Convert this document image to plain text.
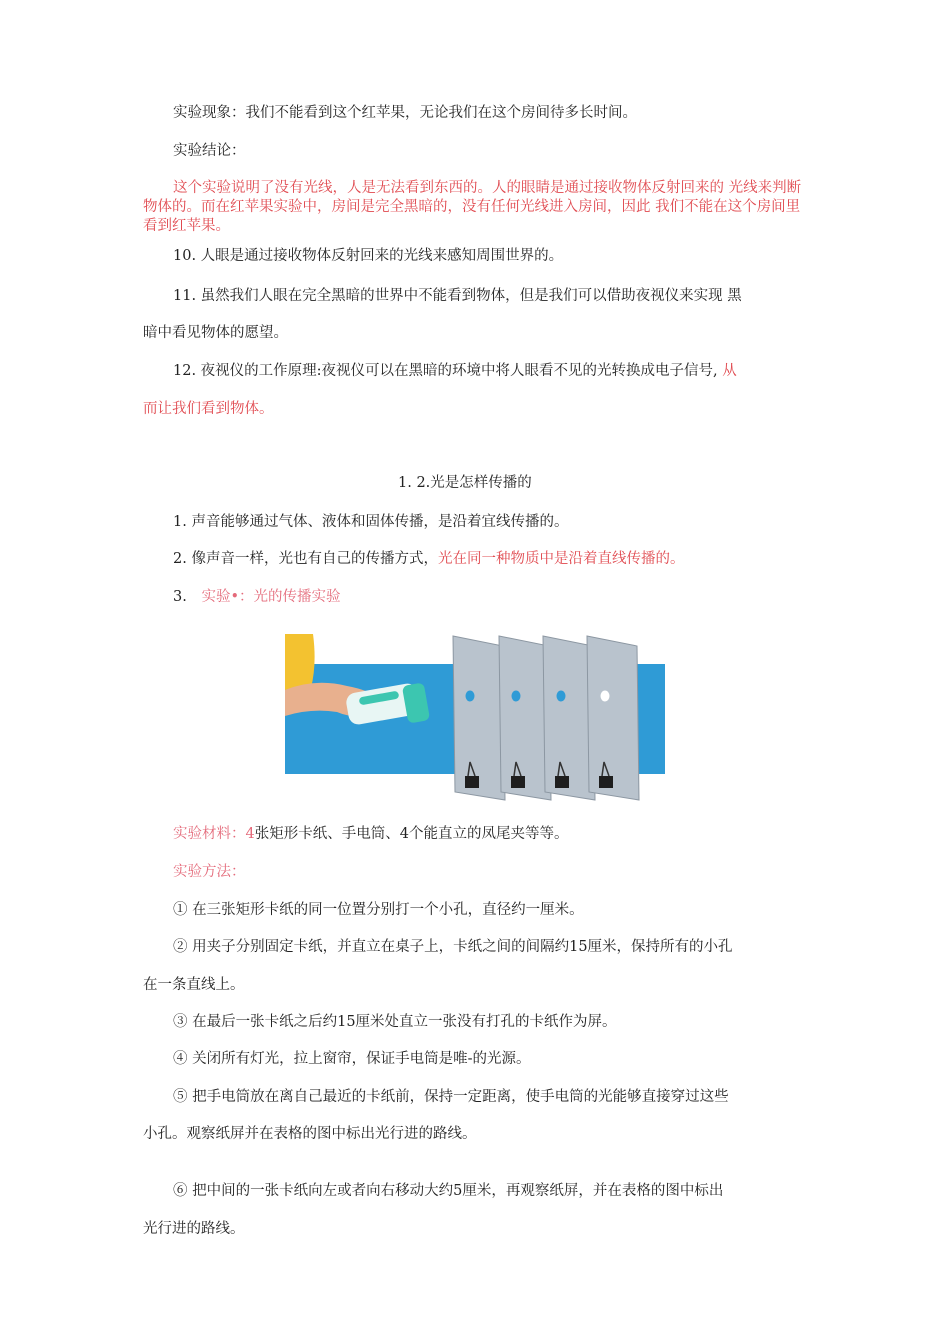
实验现象：我们不能看到这个红苹果，无论我们在这个房间待多长时间。

实验结论：

这个实验说明了没有光线，人是无法看到东西的。人的眼睛是通过接收物体反射回来的 光线来判断物体的。而在红苹果实验中，房间是完全黑暗的，没有任何光线进入房间，因此 我们不能在这个房间里看到红苹果。

10. 人眼是通过接收物体反射回来的光线来感知周围世界的。

11. 虽然我们人眼在完全黑暗的世界中不能看到物体，但是我们可以借助夜视仪来实现 黑

暗中看见物体的愿望。

12. 夜视仪的工作原理:夜视仪可以在黑暗的环境中将人眼看不见的光转换成电子信号, 从

而让我们看到物体。

1. 2.光是怎样传播的

1. 声音能够通过气体、液体和固体传播，是沿着宜线传播的。

2. 像声音一样，光也有自己的传播方式，光在同一种物质中是沿着直线传播的。

3. 实验•：光的传播实验

实验材料：4张矩形卡纸、手电筒、4个能直立的凤尾夹等等。

实验方法：

① 在三张矩形卡纸的同一位置分别打一个小孔，直径约一厘米。

② 用夹子分别固定卡纸，并直立在桌子上，卡纸之间的间隔约15厘米，保持所有的小孔

在一条直线上。

③ 在最后一张卡纸之后约15厘米处直立一张没有打孔的卡纸作为屏。

④ 关闭所有灯光，拉上窗帘，保证手电筒是唯-的光源。

⑤ 把手电筒放在离自己最近的卡纸前，保持一定距离，使手电筒的光能够直接穿过这些

小孔。观察纸屏并在表格的图中标出光行进的路线。

⑥ 把中间的一张卡纸向左或者向右移动大约5厘米，再观察纸屏，并在表格的图中标出

光行进的路线。
